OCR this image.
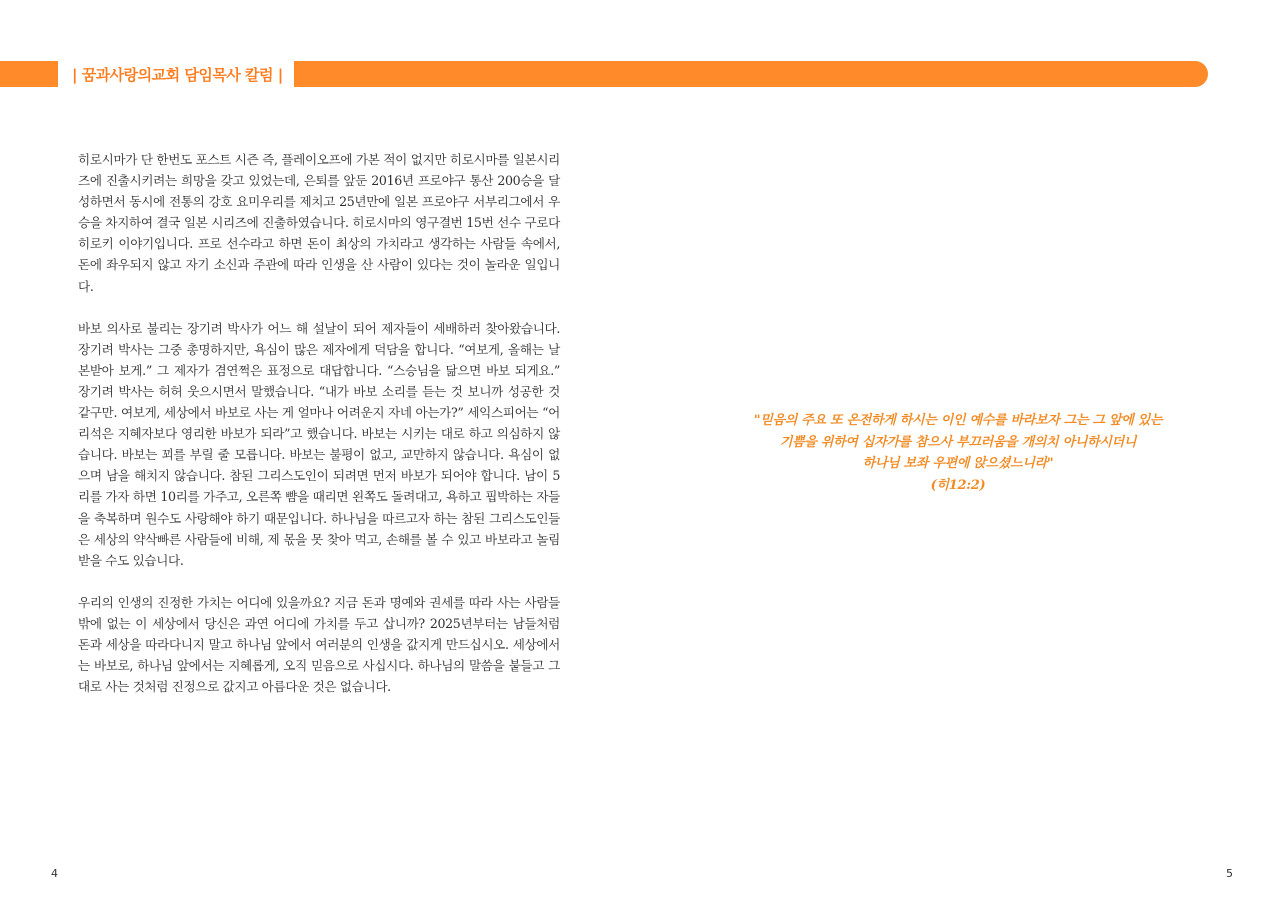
| 꿈과사랑의교회 담임목사 칼럼 |

히로시마가 단 한번도 포스트 시즌 즉, 플레이오프에 가본 적이 없지만 히로시마를 일본시리즈에 진출시키려는 희망을 갖고 있었는데, 은퇴를 앞둔 2016년 프로야구 통산 200승을 달성하면서 동시에 전통의 강호 요미우리를 제치고 25년만에 일본 프로야구 서부리그에서 우승을 차지하여 결국 일본 시리즈에 진출하였습니다. 히로시마의 영구결번 15번 선수 구로다 히로키 이야기입니다. 프로 선수라고 하면 돈이 최상의 가치라고 생각하는 사람들 속에서, 돈에 좌우되지 않고 자기 소신과 주관에 따라 인생을 산 사람이 있다는 것이 놀라운 일입니다.

바보 의사로 불리는 장기려 박사가 어느 해 설날이 되어 제자들이 세배하러 찾아왔습니다. 장기려 박사는 그중 총명하지만, 욕심이 많은 제자에게 덕담을 합니다. “여보게, 올해는 날 본받아 보게.” 그 제자가 겸연쩍은 표정으로 대답합니다. “스승님을 닮으면 바보 되게요.” 장기려 박사는 허허 웃으시면서 말했습니다. “내가 바보 소리를 듣는 것 보니까 성공한 것 같구만. 여보게, 세상에서 바보로 사는 게 얼마나 어려운지 자네 아는가?” 세익스피어는 “어리석은 지혜자보다 영리한 바보가 되라”고 했습니다. 바보는 시키는 대로 하고 의심하지 않습니다. 바보는 꾀를 부릴 줄 모릅니다. 바보는 불평이 없고, 교만하지 않습니다. 욕심이 없으며 남을 해치지 않습니다. 참된 그리스도인이 되려면 먼저 바보가 되어야 합니다. 남이 5리를 가자 하면 10리를 가주고, 오른쪽 뺨을 때리면 왼쪽도 돌려대고, 욕하고 핍박하는 자들을 축복하며 원수도 사랑해야 하기 때문입니다. 하나님을 따르고자 하는 참된 그리스도인들은 세상의 약삭빠른 사람들에 비해, 제 몫을 못 찾아 먹고, 손해를 볼 수 있고 바보라고 놀림 받을 수도 있습니다.

우리의 인생의 진정한 가치는 어디에 있을까요? 지금 돈과 명예와 권세를 따라 사는 사람들밖에 없는 이 세상에서 당신은 과연 어디에 가치를 두고 삽니까? 2025년부터는 남들처럼 돈과 세상을 따라다니지 말고 하나님 앞에서 여러분의 인생을 값지게 만드십시오. 세상에서는 바보로, 하나님 앞에서는 지혜롭게, 오직 믿음으로 사십시다. 하나님의 말씀을 붙들고 그대로 사는 것처럼 진정으로 값지고 아름다운 것은 없습니다.

"믿음의 주요 또 온전하게 하시는 이인 예수를 바라보자 그는 그 앞에 있는
기쁨을 위하여 십자가를 참으사 부끄러움을 개의치 아니하시더니
하나님 보좌 우편에 앉으셨느니라"
(히12:2)
4	5
